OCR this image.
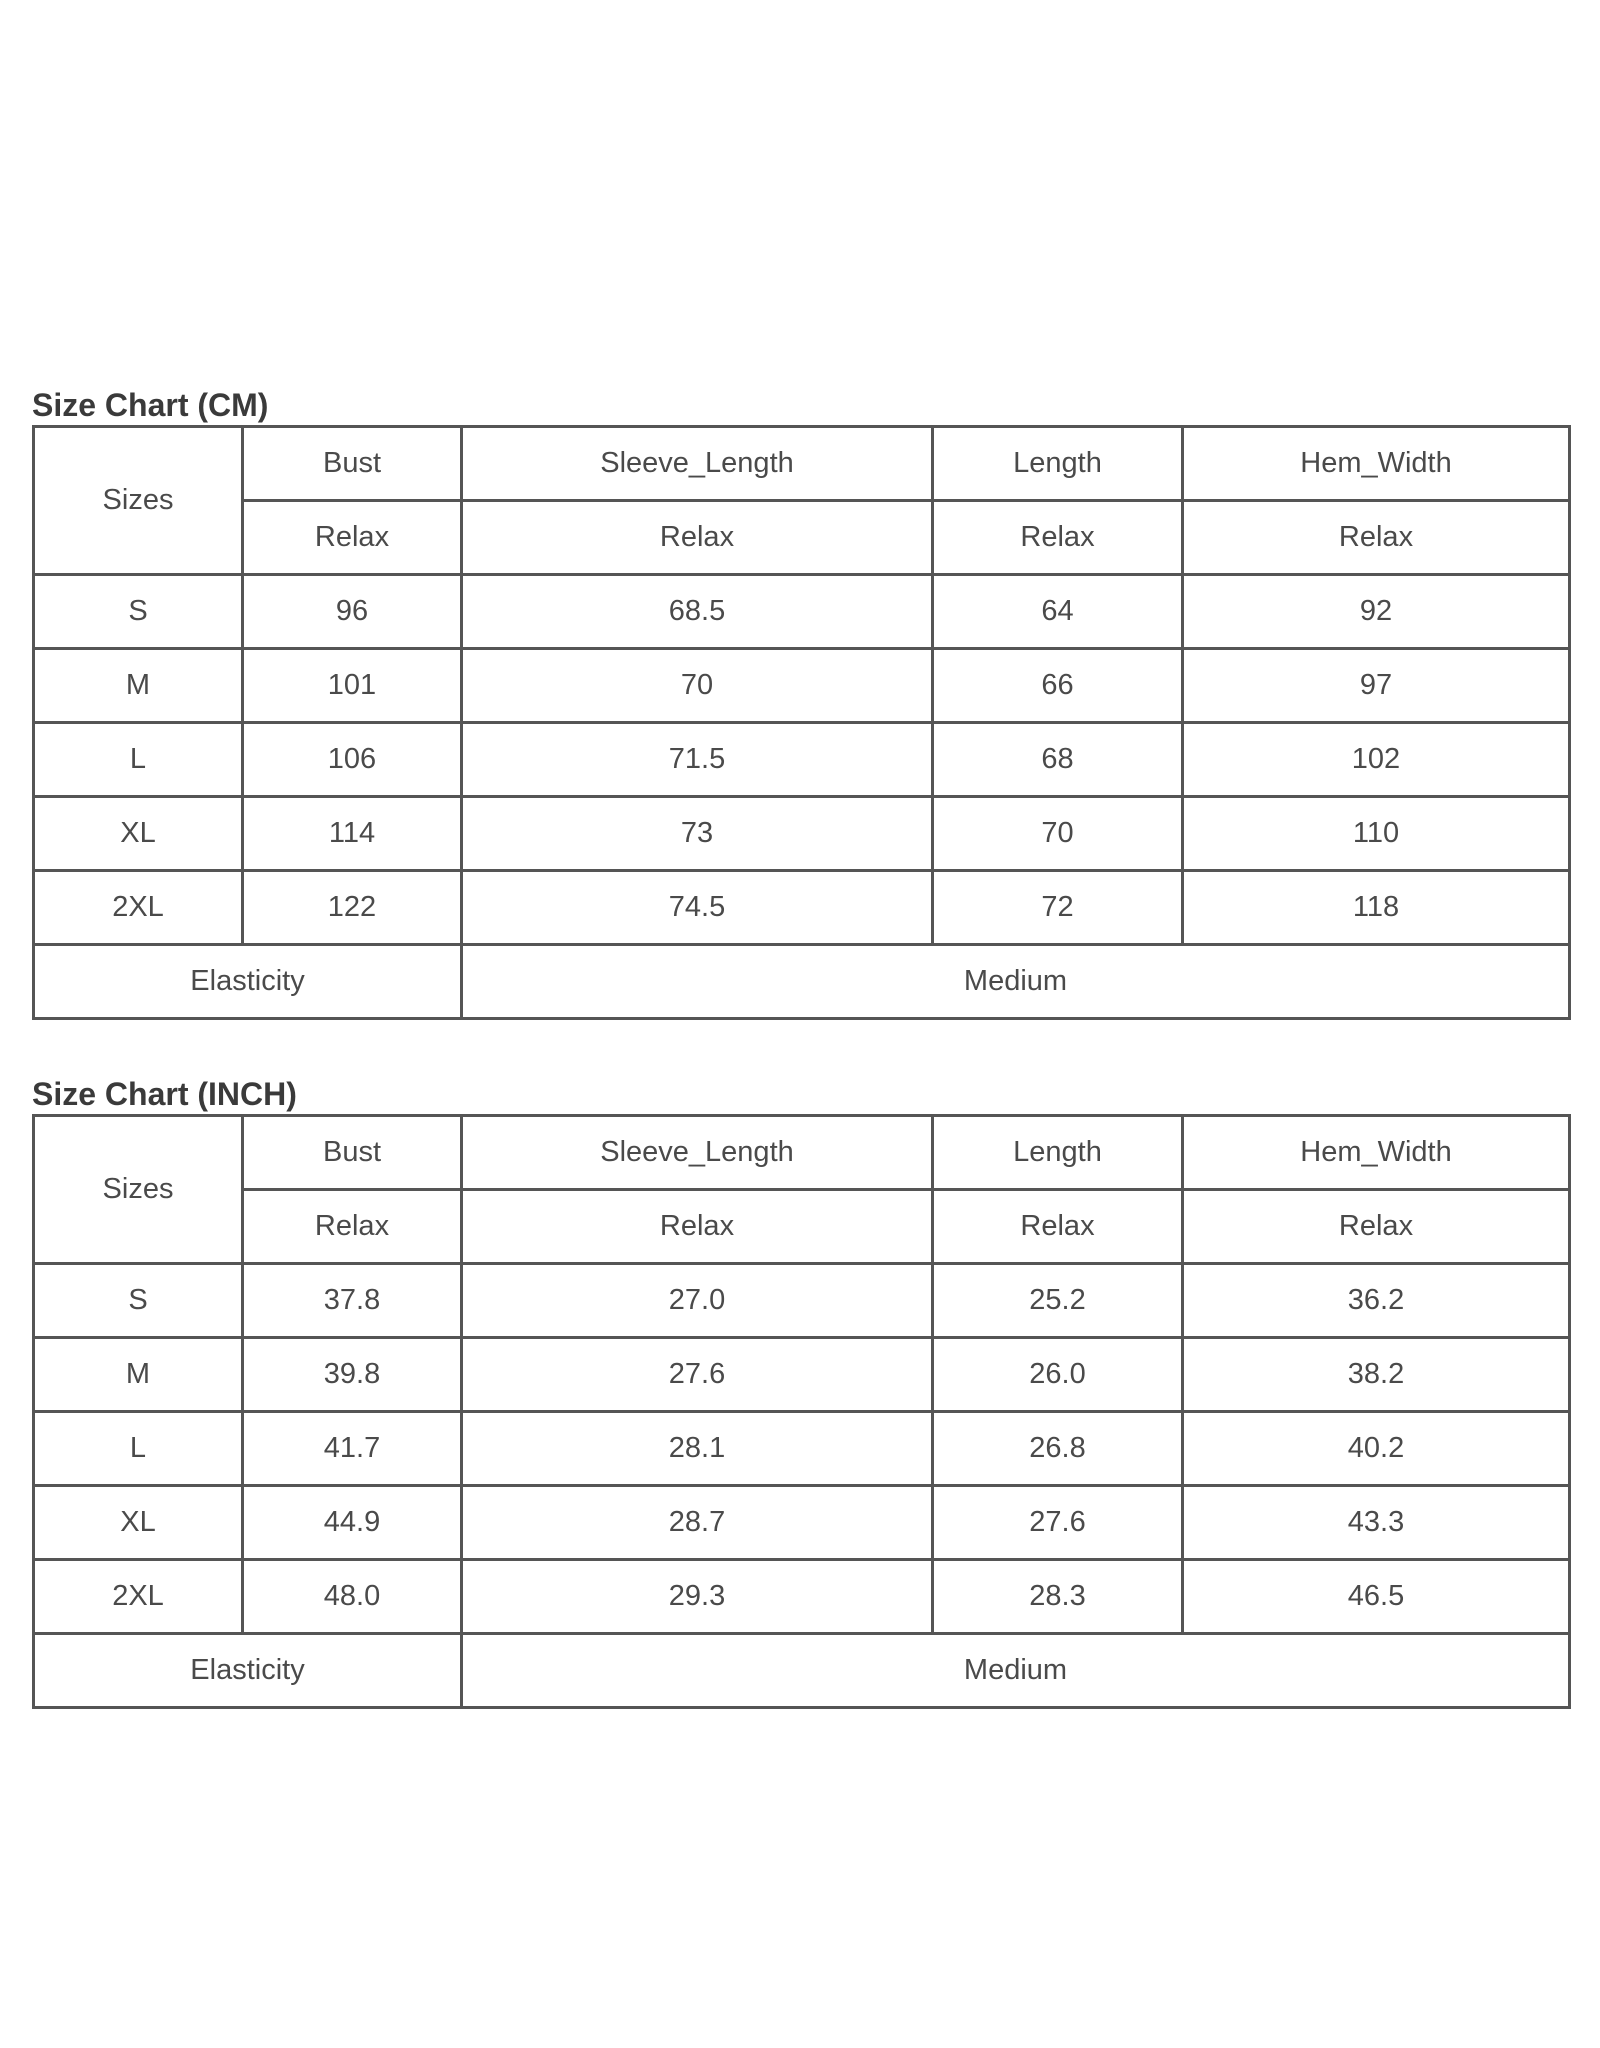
Size Chart (CM)
Sizes	Bust	Sleeve_Length	Length	Hem_Width
	Relax	Relax	Relax	Relax
S	96	68.5	64	92
M	101	70	66	97
L	106	71.5	68	102
XL	114	73	70	110
2XL	122	74.5	72	118
Elasticity		Medium		
Size Chart (INCH)
Sizes	Bust	Sleeve_Length	Length	Hem_Width
	Relax	Relax	Relax	Relax
S	37.8	27.0	25.2	36.2
M	39.8	27.6	26.0	38.2
L	41.7	28.1	26.8	40.2
XL	44.9	28.7	27.6	43.3
2XL	48.0	29.3	28.3	46.5
Elasticity		Medium		
